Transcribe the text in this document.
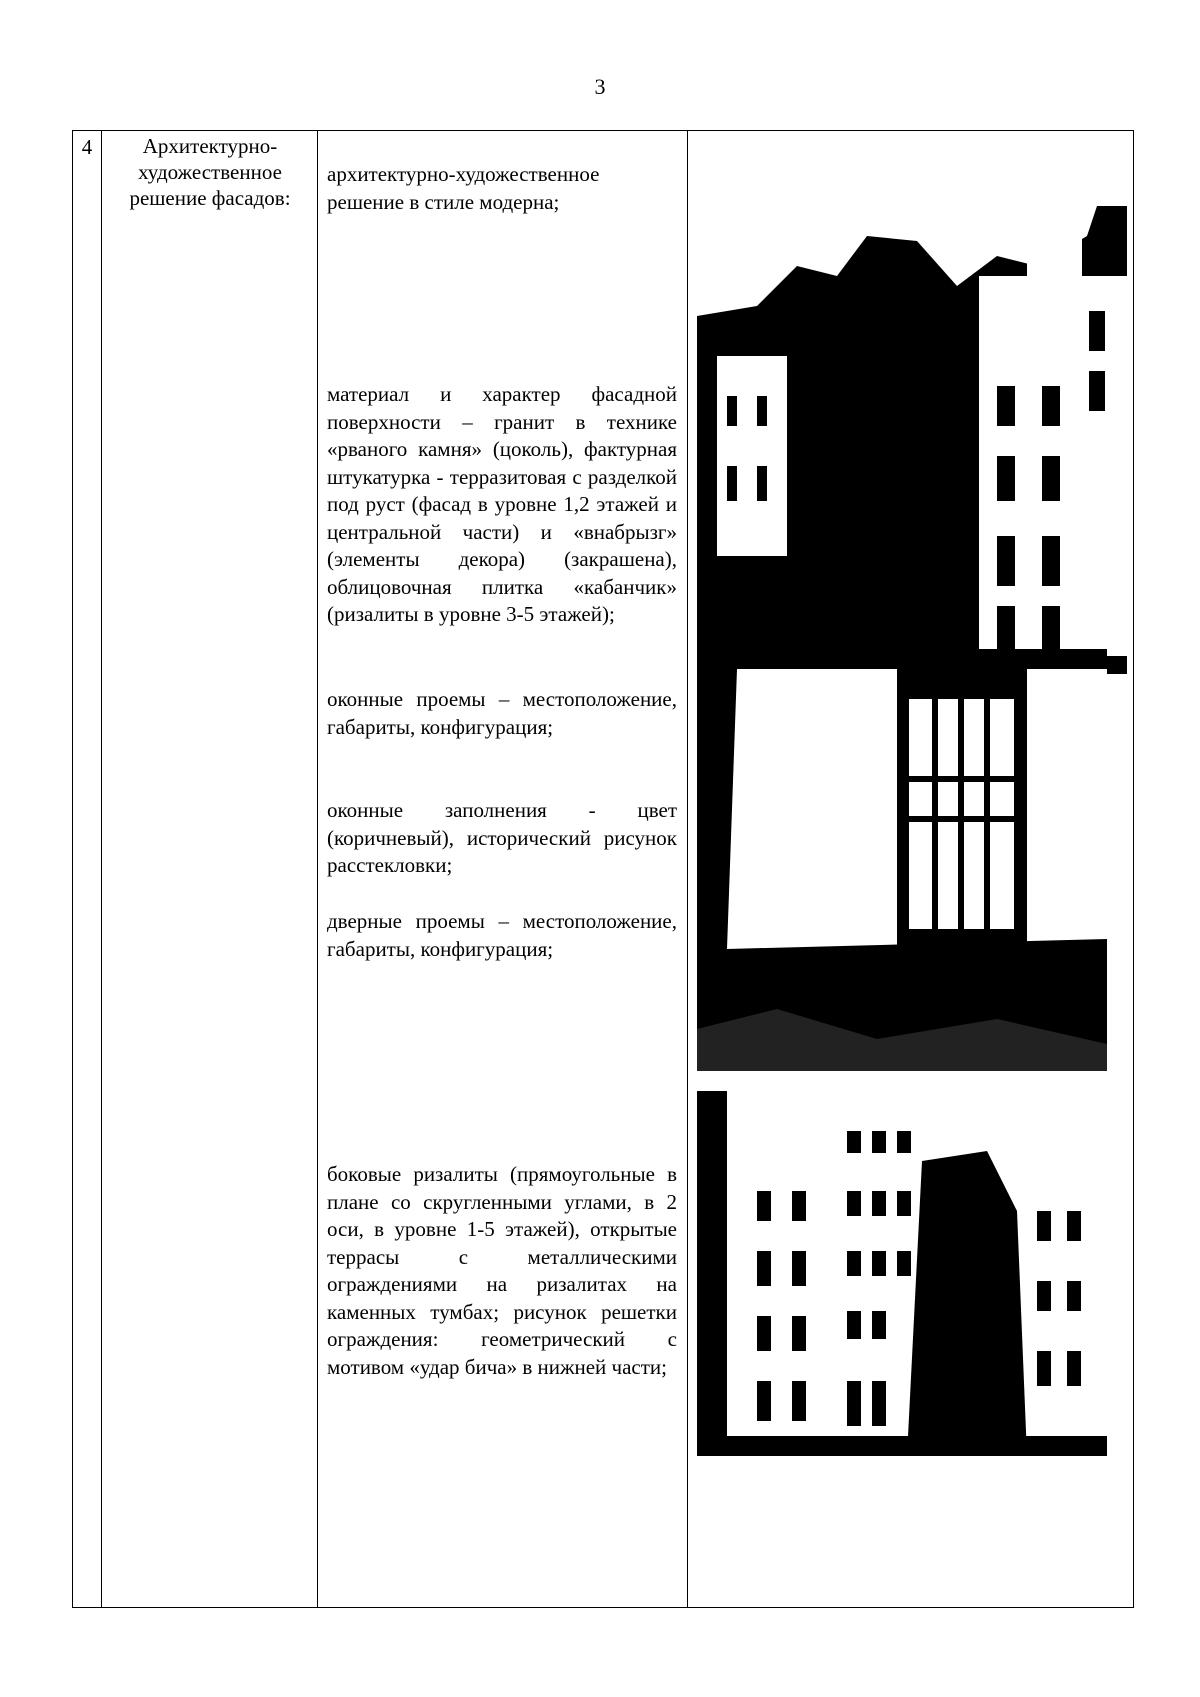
3
4	Архитектурно-художественное решение фасадов:
архитектурно-художественное решение в стиле модерна;
материал и характер фасадной поверхности – гранит в технике «рваного камня» (цоколь), фактурная штукатурка - терразитовая с разделкой под руст (фасад в уровне 1,2 этажей и центральной части) и «внабрызг» (элементы декора) (закрашена), облицовочная плитка «кабанчик» (ризалиты в уровне 3-5 этажей);
оконные проемы – местоположение, габариты, конфигурация;
оконные заполнения - цвет (коричневый), исторический рисунок расстекловки;
дверные проемы – местоположение, габариты, конфигурация;
боковые ризалиты (прямоугольные в плане со скругленными углами, в 2 оси, в уровне 1-5 этажей), открытые террасы с металлическими ограждениями на ризалитах на каменных тумбах; рисунок решетки ограждения: геометрический с мотивом «удар бича» в нижней части;
